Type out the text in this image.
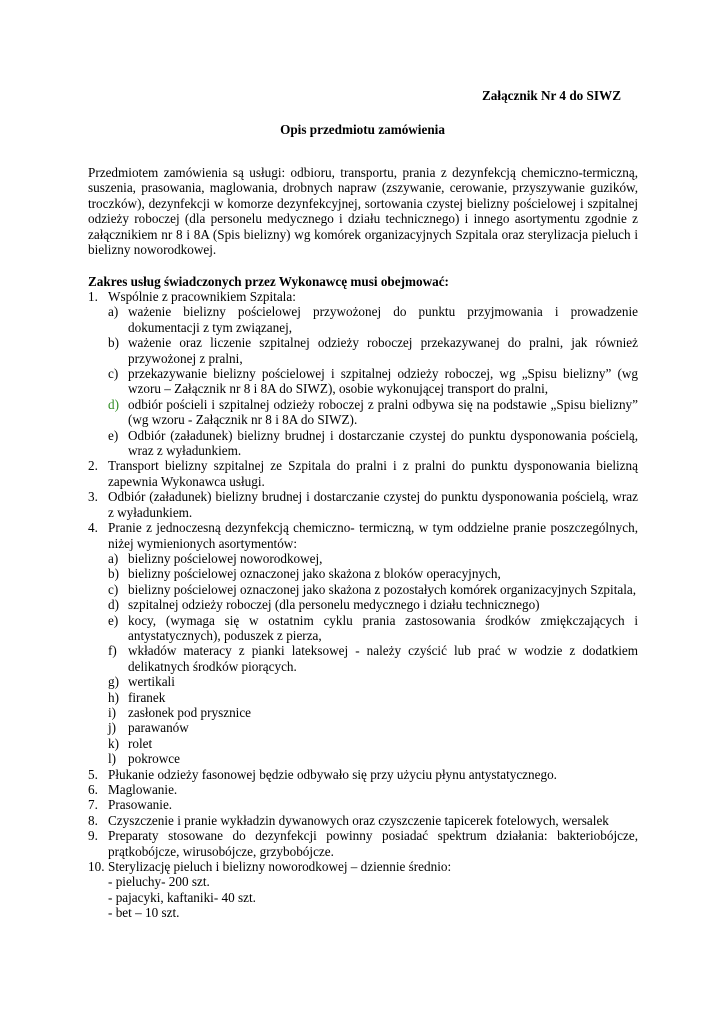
Załącznik Nr 4 do SIWZ
Opis przedmiotu zamówienia

Przedmiotem zamówienia są usługi: odbioru, transportu, prania z dezynfekcją chemiczno-termiczną, suszenia, prasowania, maglowania, drobnych napraw (zszywanie, cerowanie, przyszywanie guzików, troczków), dezynfekcji w komorze dezynfekcyjnej, sortowania czystej bielizny pościelowej i szpitalnej odzieży roboczej (dla personelu medycznego i działu technicznego) i innego asortymentu zgodnie z załącznikiem nr 8 i 8A (Spis bielizny) wg komórek organizacyjnych Szpitala oraz sterylizacja pieluch i bielizny noworodkowej.

Zakres usług świadczonych przez Wykonawcę musi obejmować:

1. Wspólnie z pracownikiem Szpitala:
a) ważenie bielizny pościelowej przywożonej do punktu przyjmowania i prowadzenie dokumentacji z tym związanej,
b) ważenie oraz liczenie szpitalnej odzieży roboczej przekazywanej do pralni, jak również przywożonej z pralni,
c) przekazywanie bielizny pościelowej i szpitalnej odzieży roboczej, wg „Spisu bielizny” (wg wzoru – Załącznik nr 8 i 8A do SIWZ), osobie wykonującej transport do pralni,
d) odbiór pościeli i szpitalnej odzieży roboczej z pralni odbywa się na podstawie „Spisu bielizny” (wg wzoru - Załącznik nr 8 i 8A do SIWZ).
e) Odbiór (załadunek) bielizny brudnej i dostarczanie czystej do punktu dysponowania pościelą, wraz z wyładunkiem.
2. Transport bielizny szpitalnej ze Szpitala do pralni i z pralni do punktu dysponowania bielizną zapewnia Wykonawca usługi.
3. Odbiór (załadunek) bielizny brudnej i dostarczanie czystej do punktu dysponowania pościelą, wraz z wyładunkiem.
4. Pranie z jednoczesną dezynfekcją chemiczno- termiczną, w tym oddzielne pranie poszczególnych, niżej wymienionych asortymentów:
a) bielizny pościelowej noworodkowej,
b) bielizny pościelowej oznaczonej jako skażona z bloków operacyjnych,
c) bielizny pościelowej oznaczonej jako skażona z pozostałych komórek organizacyjnych Szpitala,
d) szpitalnej odzieży roboczej (dla personelu medycznego i działu technicznego)
e) kocy, (wymaga się w ostatnim cyklu prania zastosowania środków zmiękczających i antystatycznych), poduszek z pierza,
f) wkładów materacy z pianki lateksowej - należy czyścić lub prać w wodzie z dodatkiem delikatnych środków piorących.
g) wertikali
h) firanek
i) zasłonek pod prysznice
j) parawanów
k) rolet
l) pokrowce
5. Płukanie odzieży fasonowej będzie odbywało się przy użyciu płynu antystatycznego.
6. Maglowanie.
7. Prasowanie.
8. Czyszczenie i pranie wykładzin dywanowych oraz czyszczenie tapicerek fotelowych, wersalek
9. Preparaty stosowane do dezynfekcji powinny posiadać spektrum działania: bakteriobójcze, prątkobójcze, wirusobójcze, grzybobójcze.
10. Sterylizację pieluch i bielizny noworodkowej – dziennie średnio:
- pieluchy- 200 szt.
- pajacyki, kaftaniki- 40 szt.
- bet – 10 szt.
